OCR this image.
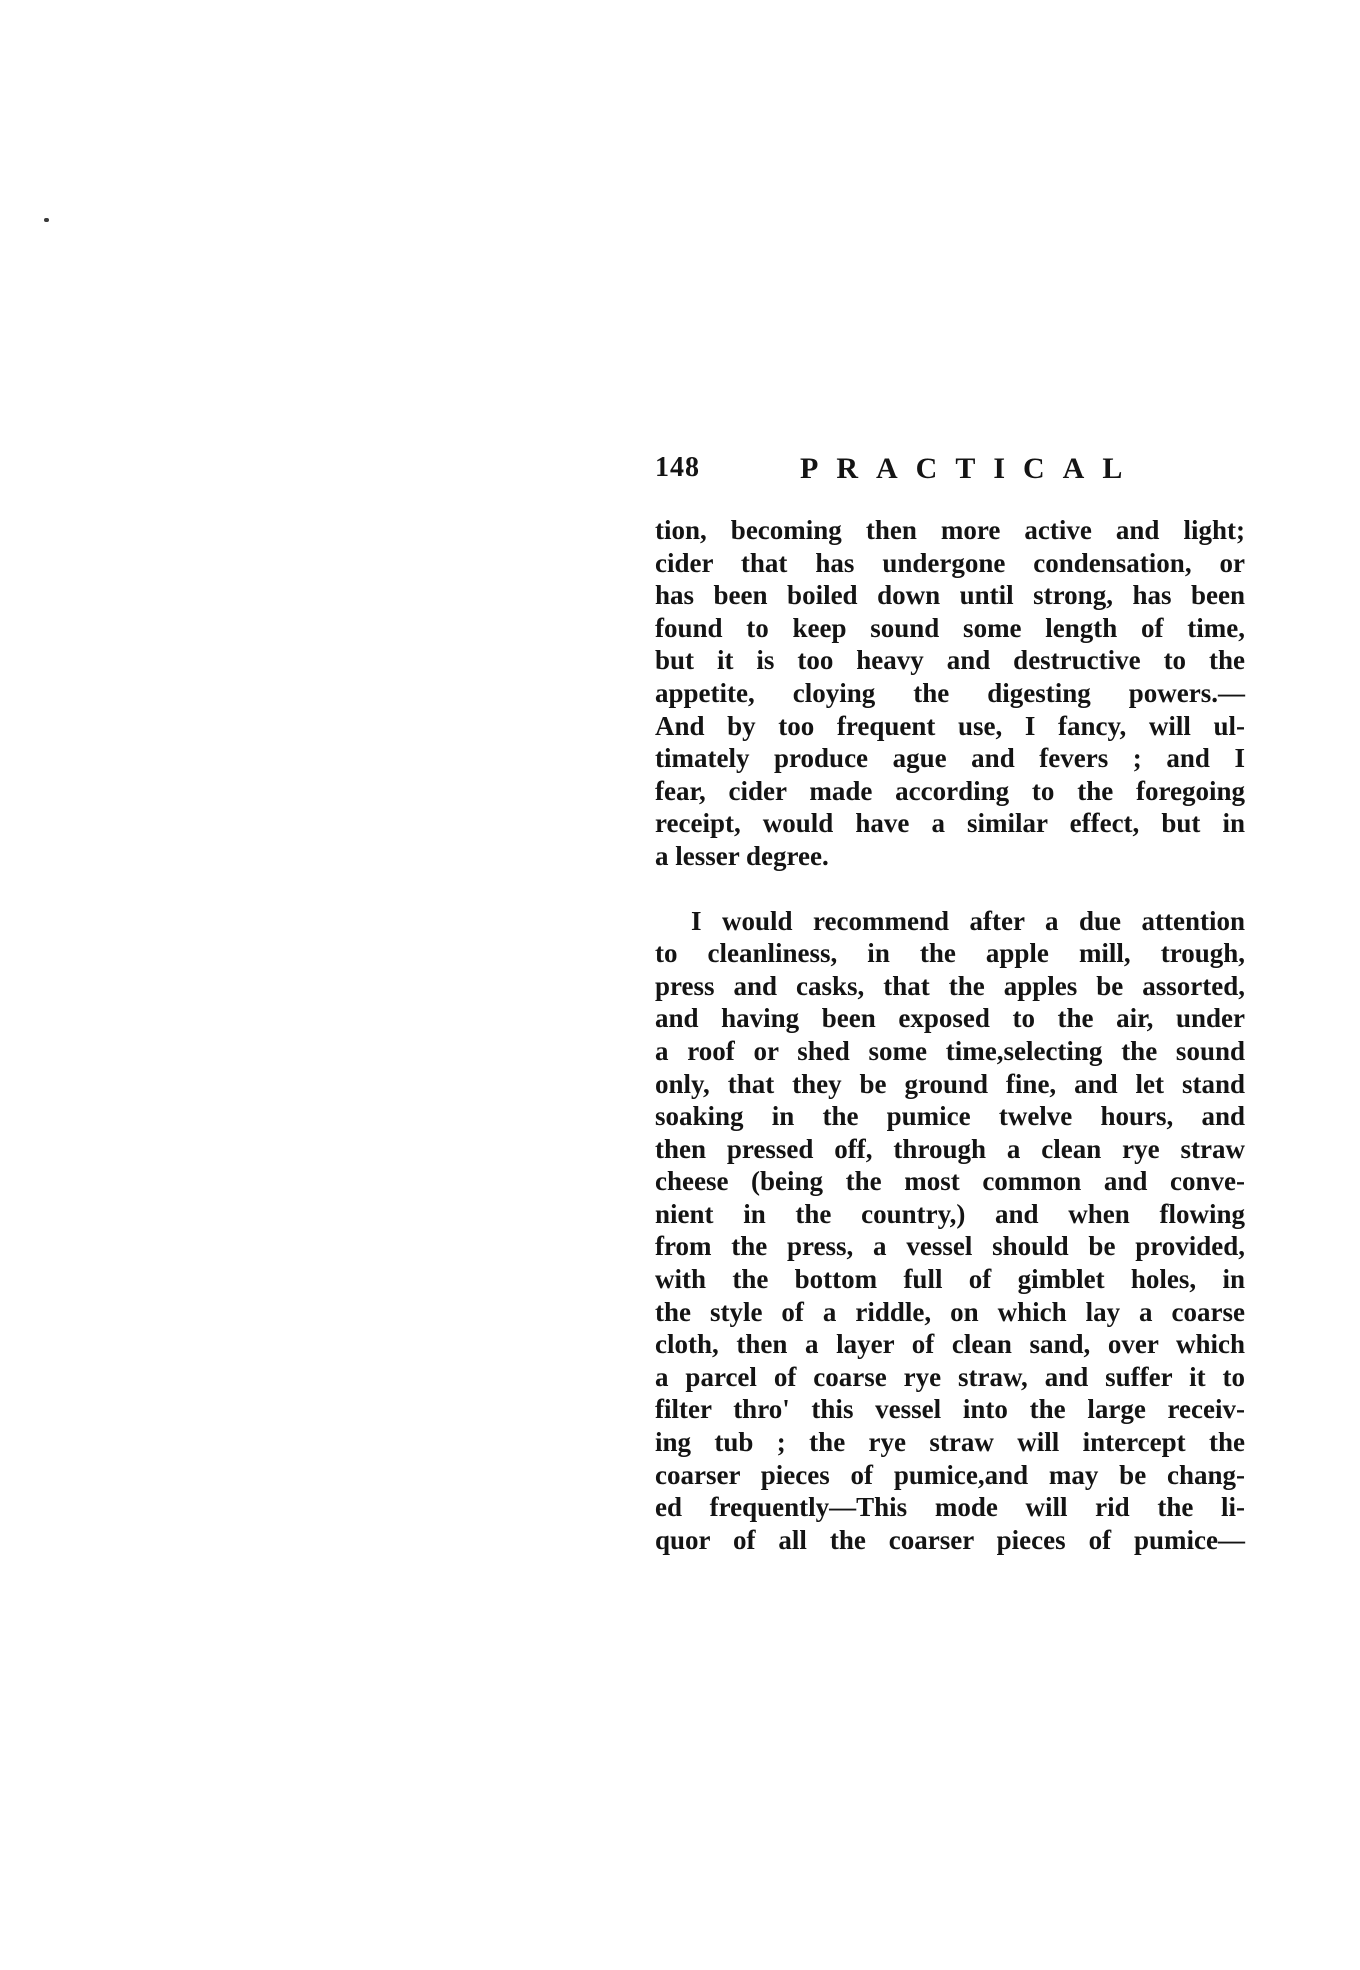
148	PRACTICAL
tion, becoming then more active and light;
cider that has undergone condensation, or
has been boiled down until strong, has been
found to keep sound some length of time,
but it is too heavy and destructive to the
appetite, cloying the digesting powers.—
And by too frequent use, I fancy, will ul-
timately produce ague and fevers ; and I
fear, cider made according to the foregoing
receipt, would have a similar effect, but in
a lesser degree.
I would recommend after a due attention
to cleanliness, in the apple mill, trough,
press and casks, that the apples be assorted,
and having been exposed to the air, under
a roof or shed some time,selecting the sound
only, that they be ground fine, and let stand
soaking in the pumice twelve hours, and
then pressed off, through a clean rye straw
cheese (being the most common and conve-
nient in the country,) and when flowing
from the press, a vessel should be provided,
with the bottom full of gimblet holes, in
the style of a riddle, on which lay a coarse
cloth, then a layer of clean sand, over which
a parcel of coarse rye straw, and suffer it to
filter thro' this vessel into the large receiv-
ing tub ; the rye straw will intercept the
coarser pieces of pumice,and may be chang-
ed frequently—This mode will rid the li-
quor of all the coarser pieces of pumice—
